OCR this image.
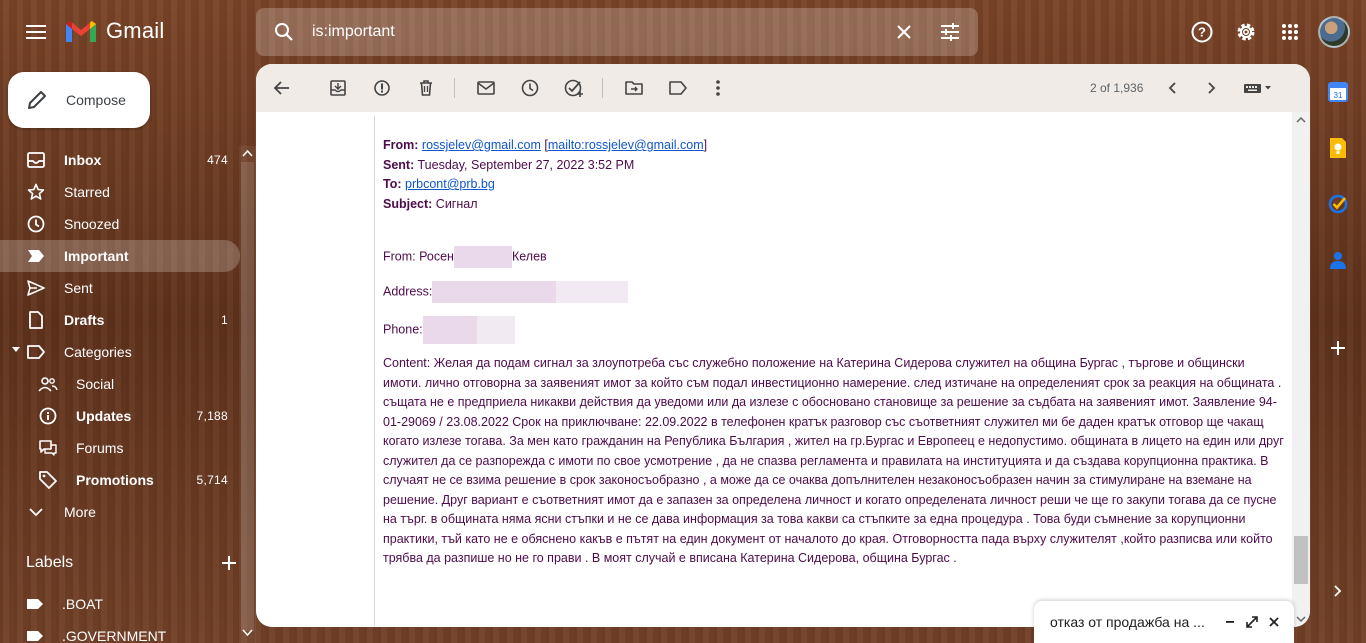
Gmail
is:important	?
Compose
Inbox	474
Starred
Snoozed
Important
Sent
Drafts	1
Categories
Social
Updates	7,188
Forums
Promotions	5,714
More
Labels
.BOAT
.GOVERNMENT
2 of 1,936
From: rossjelev@gmail.com [mailto:rossjelev@gmail.com]
Sent: Tuesday, September 27, 2022 3:52 PM
To: prbcont@prb.bg
Subject: Сигнал
From: Росен	Келев
Address:
Phone:
Content: Желая да подам сигнал за злоупотреба със служебно положение на Катерина Сидерова служител на община Бургас , търгове и общински имоти. лично отговорна за заявеният имот за който съм подал инвестиционно намерение. след изтичане на определеният срок за реакция на общината . същата не е предприела никакви действия да уведоми или да излезе с обосновано становище за решение за съдбата на заявеният имот. Заявление 94-01-29069 / 23.08.2022 Срок на приключване: 22.09.2022 в телефонен кратък разговор със съответният служител ми бе даден кратък отговор ще чакащ когато излезе тогава. За мен като гражданин на Република България , жител на гр.Бургас и Европеец е недопустимо. общината в лицето на един или друг служител да се разпорежда с имоти по свое усмотрение , да не спазва регламента и правилата на институцията и да създава корупционна практика. В случаят не се взима решение в срок законосъобразно , а може да се очаква допълнителен незаконосъобразен начин за стимулиране на вземане на решение. Друг вариант е съответният имот да е запазен за определена личност и когато определената личност реши че ще го закупи тогава да се пусне на търг. в общината няма ясни стъпки и не се дава информация за това какви са стъпките за една процедура . Това буди съмнение за корупционни практики, тъй като не е обяснено какъв е пътят на един документ от началото до края. Отговорността пада върху служителят ,който разписва или който трябва да разпише но не го прави . В моят случай е вписана Катерина Сидерова, община Бургас .
31
отказ от продажба на ...
